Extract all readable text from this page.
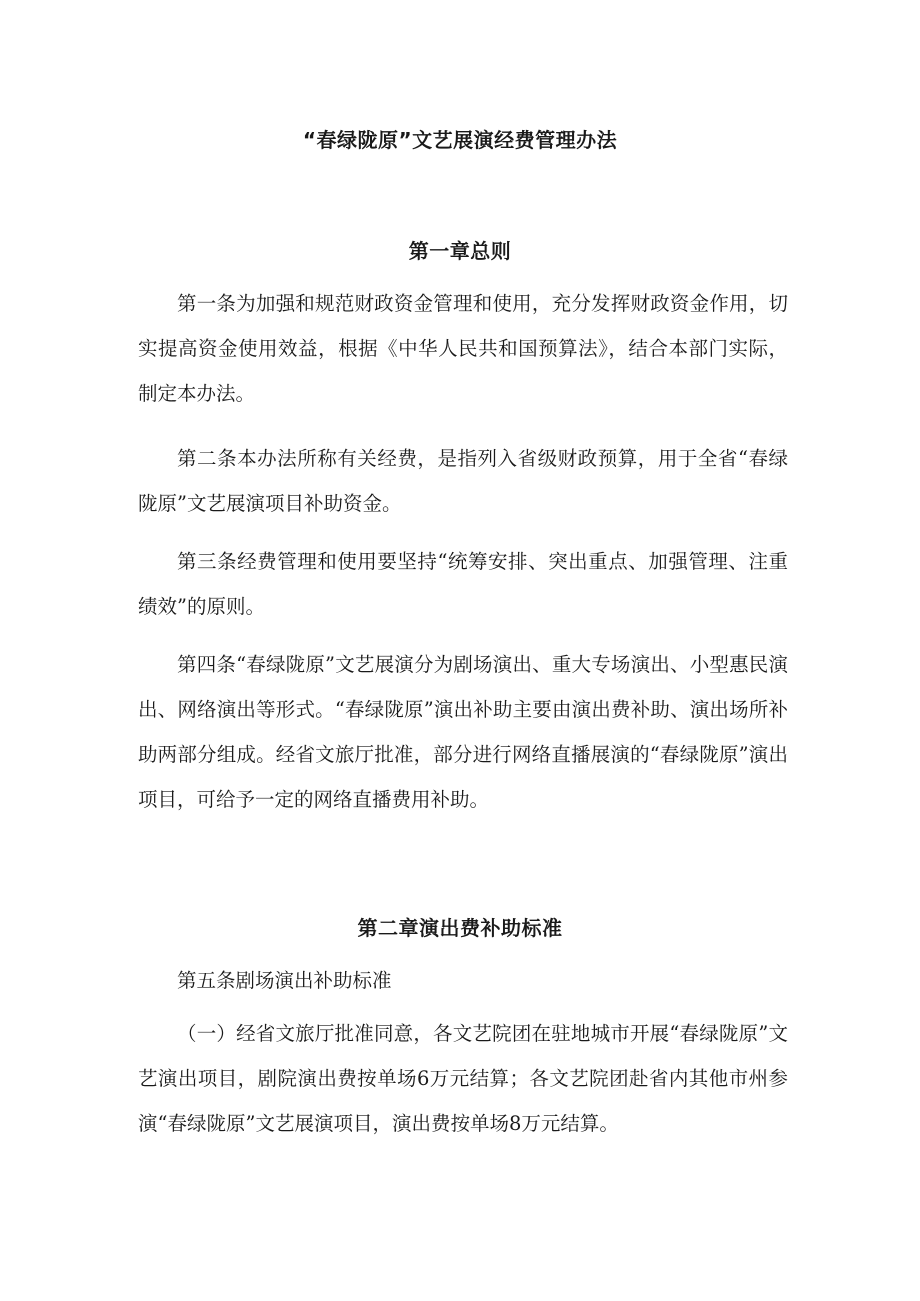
“春绿陇原”文艺展演经费管理办法
第一章总则

第一条为加强和规范财政资金管理和使用，充分发挥财政资金作用，切实提高资金使用效益，根据《中华人民共和国预算法》，结合本部门实际，制定本办法。

第二条本办法所称有关经费，是指列入省级财政预算，用于全省“春绿陇原”文艺展演项目补助资金。

第三条经费管理和使用要坚持“统筹安排、突出重点、加强管理、注重绩效”的原则。

第四条“春绿陇原”文艺展演分为剧场演出、重大专场演出、小型惠民演出、网络演出等形式。“春绿陇原”演出补助主要由演出费补助、演出场所补助两部分组成。经省文旅厅批准，部分进行网络直播展演的“春绿陇原”演出项目，可给予一定的网络直播费用补助。

第二章演出费补助标准

第五条剧场演出补助标准

（一）经省文旅厅批准同意，各文艺院团在驻地城市开展“春绿陇原”文艺演出项目，剧院演出费按单场6万元结算；各文艺院团赴省内其他市州参演“春绿陇原”文艺展演项目，演出费按单场8万元结算。
